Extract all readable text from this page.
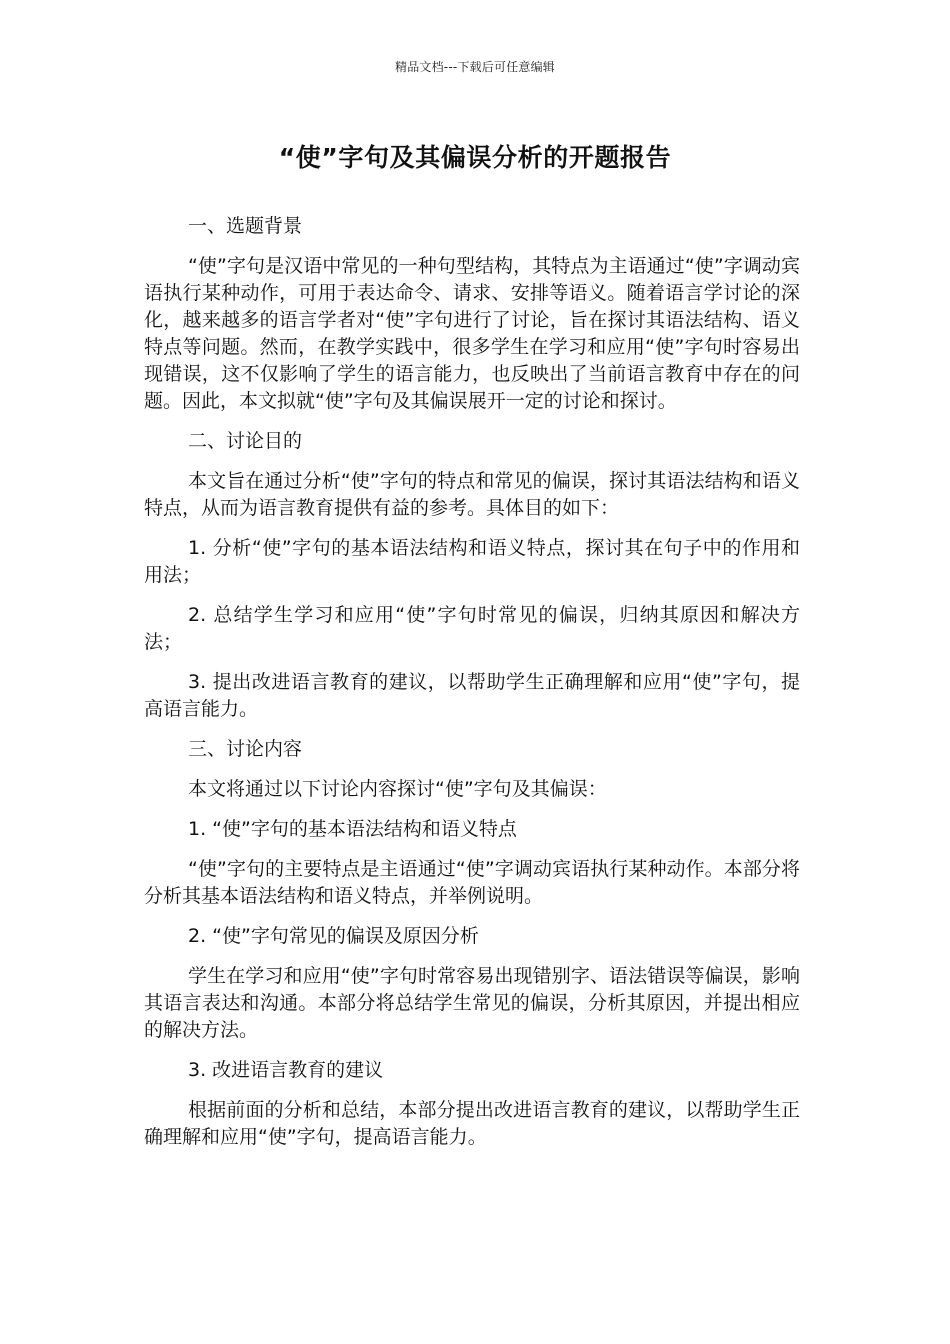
精品文档---下载后可任意编辑
“使”字句及其偏误分析的开题报告

一、选题背景

“使”字句是汉语中常见的一种句型结构，其特点为主语通过“使”字调动宾语执行某种动作，可用于表达命令、请求、安排等语义。随着语言学讨论的深化，越来越多的语言学者对“使”字句进行了讨论，旨在探讨其语法结构、语义特点等问题。然而，在教学实践中，很多学生在学习和应用“使”字句时容易出现错误，这不仅影响了学生的语言能力，也反映出了当前语言教育中存在的问题。因此，本文拟就“使”字句及其偏误展开一定的讨论和探讨。

二、讨论目的

本文旨在通过分析“使”字句的特点和常见的偏误，探讨其语法结构和语义特点，从而为语言教育提供有益的参考。具体目的如下：

1. 分析“使”字句的基本语法结构和语义特点，探讨其在句子中的作用和用法；

2. 总结学生学习和应用“使”字句时常见的偏误，归纳其原因和解决方法；

3. 提出改进语言教育的建议，以帮助学生正确理解和应用“使”字句，提高语言能力。

三、讨论内容

本文将通过以下讨论内容探讨“使”字句及其偏误：

1. “使”字句的基本语法结构和语义特点

“使”字句的主要特点是主语通过“使”字调动宾语执行某种动作。本部分将分析其基本语法结构和语义特点，并举例说明。

2. “使”字句常见的偏误及原因分析

学生在学习和应用“使”字句时常容易出现错别字、语法错误等偏误，影响其语言表达和沟通。本部分将总结学生常见的偏误，分析其原因，并提出相应的解决方法。

3. 改进语言教育的建议

根据前面的分析和总结，本部分提出改进语言教育的建议，以帮助学生正确理解和应用“使”字句，提高语言能力。
